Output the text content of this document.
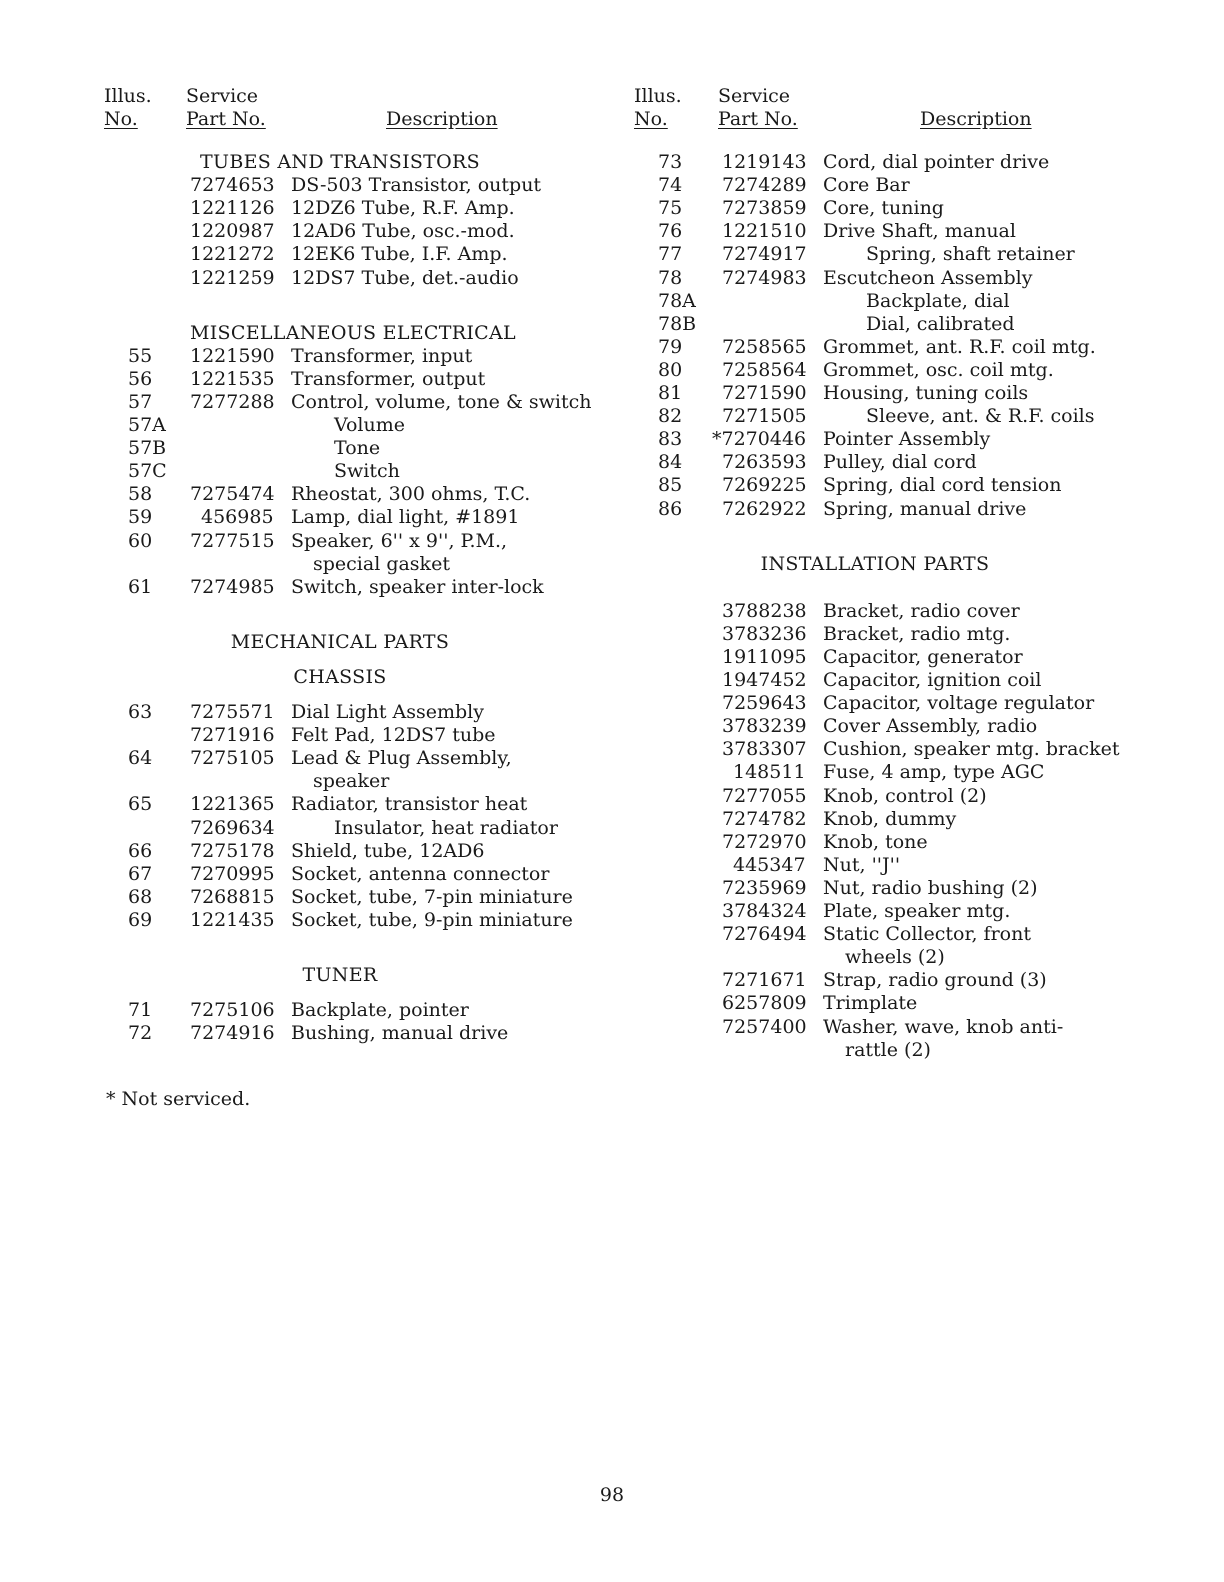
Illus.
No.
Service
Part No.	Description
TUBES AND TRANSISTORS
7274653 DS-503 Transistor, output
1221126 12DZ6 Tube, R.F. Amp.
1220987 12AD6 Tube, osc.-mod.
1221272 12EK6 Tube, I.F. Amp.
1221259 12DS7 Tube, det.-audio
MISCELLANEOUS ELECTRICAL
55 1221590 Transformer, input
56 1221535 Transformer, output
57 7277288 Control, volume, tone & switch
57A	Volume
57B	Tone
57C	Switch
58 7275474 Rheostat, 300 ohms, T.C.
59	456985 Lamp, dial light, #1891
60 7277515 Speaker, 6'' x 9'', P.M.,
special gasket
61 7274985 Switch, speaker inter-lock
MECHANICAL PARTS
CHASSIS
63 7275571 Dial Light Assembly
7271916 Felt Pad, 12DS7 tube
64 7275105 Lead & Plug Assembly,
speaker
65 1221365 Radiator, transistor heat
7269634	Insulator, heat radiator
66 7275178 Shield, tube, 12AD6
67 7270995 Socket, antenna connector
68 7268815 Socket, tube, 7-pin miniature
69 1221435 Socket, tube, 9-pin miniature
TUNER
71 7275106 Backplate, pointer
72 7274916 Bushing, manual drive
Illus.
No.
Service
Part No.	Description
73 1219143 Cord, dial pointer drive
74 7274289 Core Bar
75 7273859 Core, tuning
76 1221510 Drive Shaft, manual
77 7274917	Spring, shaft retainer
78 7274983 Escutcheon Assembly
78A	Backplate, dial
78B	Dial, calibrated
79 7258565 Grommet, ant. R.F. coil mtg.
80 7258564 Grommet, osc. coil mtg.
81 7271590 Housing, tuning coils
82 7271505	Sleeve, ant. & R.F. coils
83 *7270446 Pointer Assembly
84 7263593 Pulley, dial cord
85 7269225 Spring, dial cord tension
86 7262922 Spring, manual drive
INSTALLATION PARTS
3788238 Bracket, radio cover
3783236 Bracket, radio mtg.
1911095 Capacitor, generator
1947452 Capacitor, ignition coil
7259643 Capacitor, voltage regulator
3783239 Cover Assembly, radio
3783307 Cushion, speaker mtg. bracket
148511 Fuse, 4 amp, type AGC
7277055 Knob, control (2)
7274782 Knob, dummy
7272970 Knob, tone
445347 Nut, ''J''
7235969 Nut, radio bushing (2)
3784324 Plate, speaker mtg.
7276494 Static Collector, front
wheels (2)
7271671 Strap, radio ground (3)
6257809 Trimplate
7257400 Washer, wave, knob anti-
rattle (2)
* Not serviced.
98
